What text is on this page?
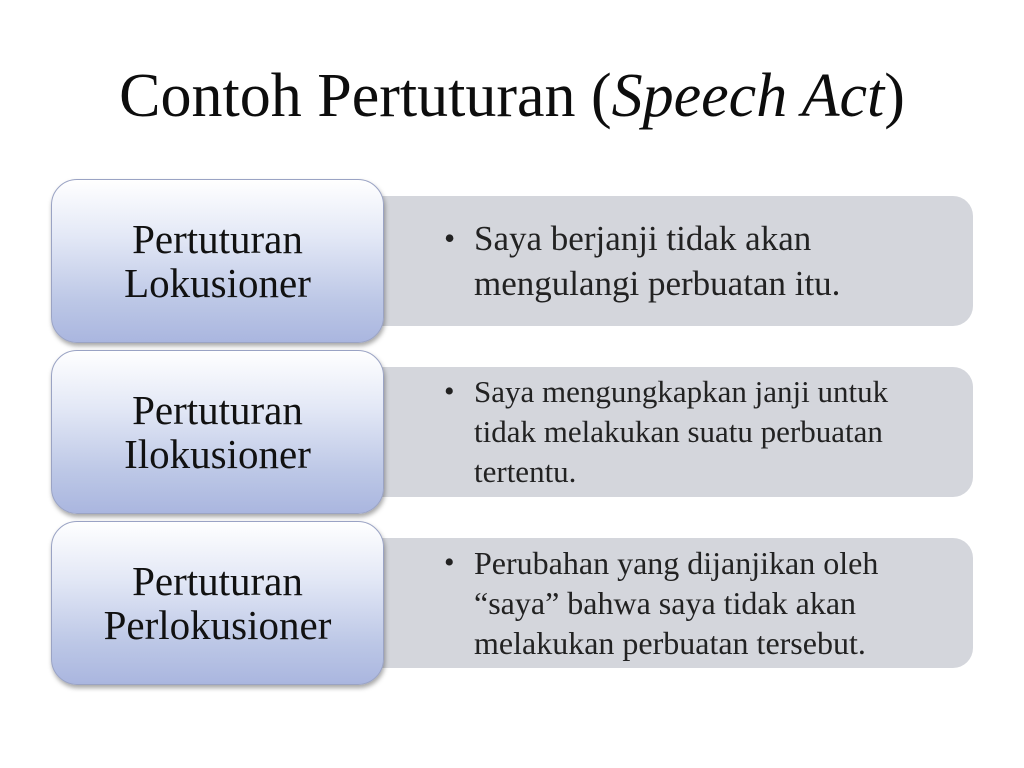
Contoh Pertuturan (Speech Act)
• Saya berjanji tidak akan mengulangi perbuatan itu.
Pertuturan
Lokusioner
• Saya mengungkapkan janji untuk tidak melakukan suatu perbuatan tertentu.
Pertuturan
Ilokusioner
• Perubahan yang dijanjikan oleh “saya” bahwa saya tidak akan melakukan perbuatan tersebut.
Pertuturan
Perlokusioner
